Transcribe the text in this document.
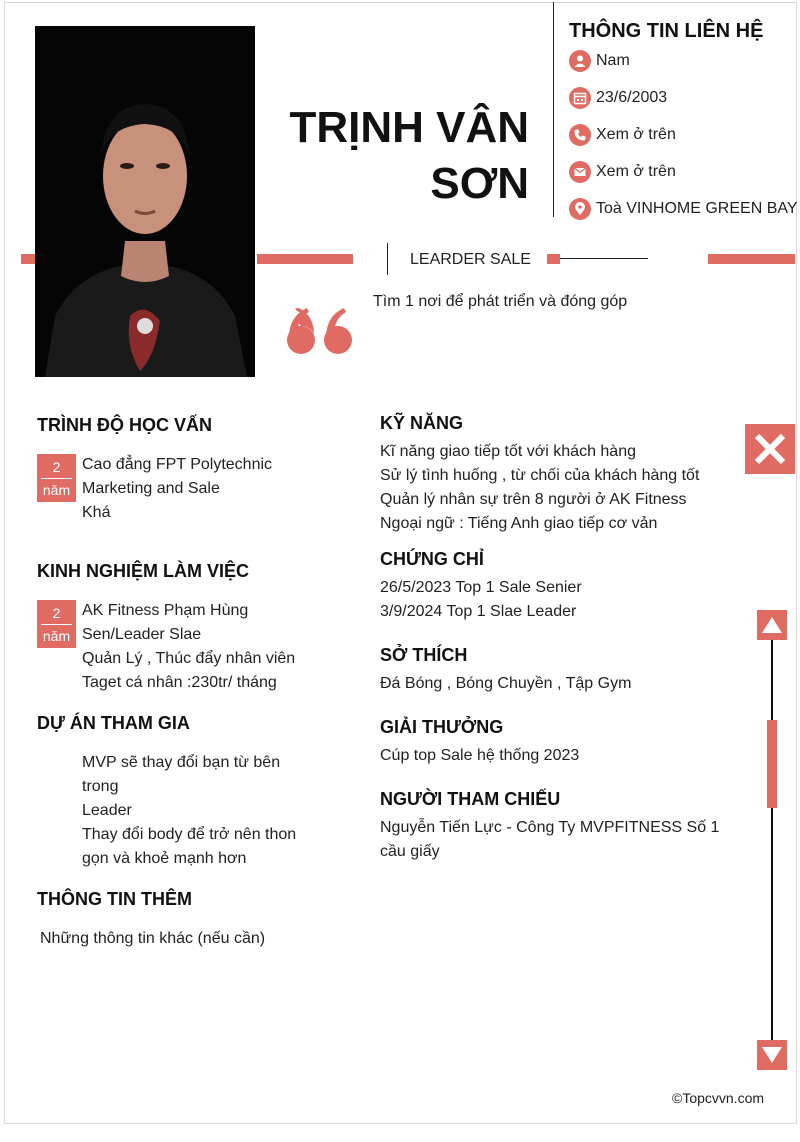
TRỊNH VÂN
SƠN
THÔNG TIN LIÊN HỆ
Nam
23/6/2003
Xem ở trên
Xem ở trên
Toà VINHOME GREEN BAY
LEARDER SALE
Tìm 1 nơi để phát triển và đóng góp
TRÌNH ĐỘ HỌC VẤN
2
năm
Cao đẳng FPT Polytechnic
Marketing and Sale
Khá
KINH NGHIỆM LÀM VIỆC
2
năm
AK Fitness Phạm Hùng
Sen/Leader Slae
Quản Lý , Thúc đẩy nhân viên
Taget cá nhân :230tr/ tháng
DỰ ÁN THAM GIA
MVP sẽ thay đổi bạn từ bên
trong
Leader
Thay đổi body để trở nên thon
gọn và khoẻ mạnh hơn
THÔNG TIN THÊM
Những thông tin khác (nếu cần)
KỸ NĂNG
Kĩ năng giao tiếp tốt với khách hàng
Sử lý tình huống , từ chối của khách hàng tốt
Quản lý nhân sự trên 8 người ở AK Fitness
Ngoại ngữ : Tiếng Anh giao tiếp cơ vản
CHỨNG CHỈ
26/5/2023 Top 1 Sale Senier
3/9/2024 Top 1 Slae Leader
SỞ THÍCH
Đá Bóng , Bóng Chuyền , Tập Gym
GIẢI THƯỞNG
Cúp top Sale hệ thống 2023
NGƯỜI THAM CHIẾU
Nguyễn Tiến Lực - Công Ty MVPFITNESS Số 1
cầu giấy
©Topcvvn.com
